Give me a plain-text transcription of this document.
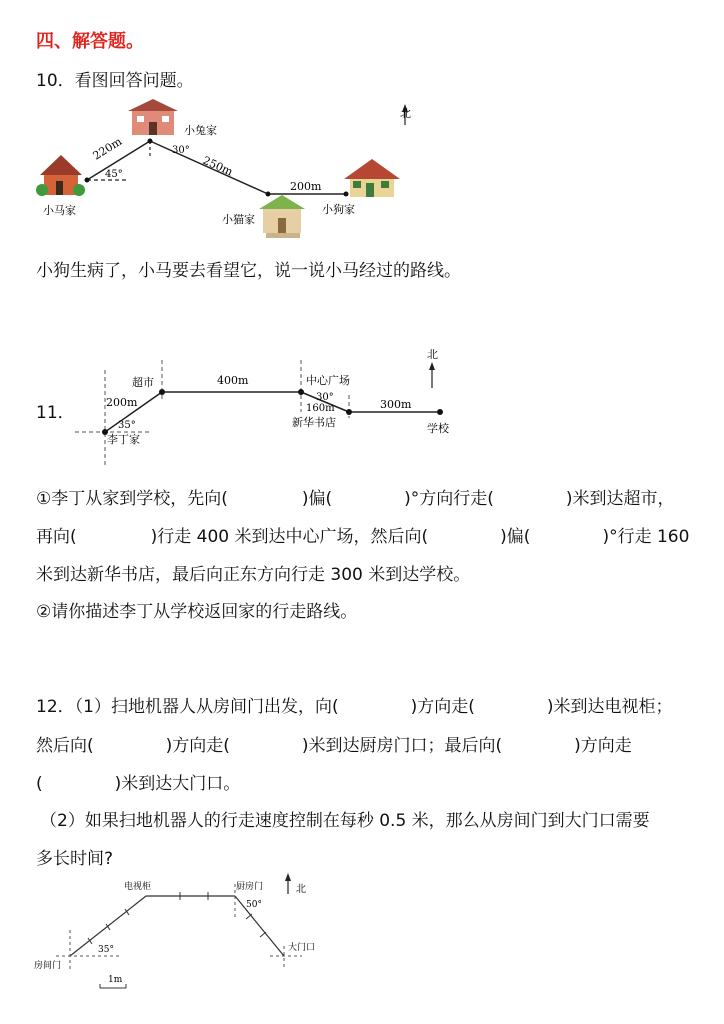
四、解答题。
10．看图回答问题。
北
220m
250m
200m
45°
30°
小马家
小兔家
小猫家
小狗家
小狗生病了，小马要去看望它，说一说小马经过的路线。
11．
北
超市	400m	中心广场
200m	30°
160m	300m
新华书店	学校
35°
李丁家
①李丁从家到学校，先向(	)偏(	)°方向行走(	)米到达超市，
再向(	)行走 400 米到达中心广场，然后向(	)偏(	)°行走 160
米到达新华书店，最后向正东方向行走 300 米到达学校。
②请你描述李丁从学校返回家的行走路线。
12．（1）扫地机器人从房间门出发，向(	)方向走(	)米到达电视柜；
然后向(	)方向走(	)米到达厨房门口；最后向(	)方向走
(	)米到达大门口。
（2）如果扫地机器人的行走速度控制在每秒 0.5 米，那么从房间门到大门口需要
多长时间?
1m
北
电视柜	厨房门
50°
35°
房间门
大门口
